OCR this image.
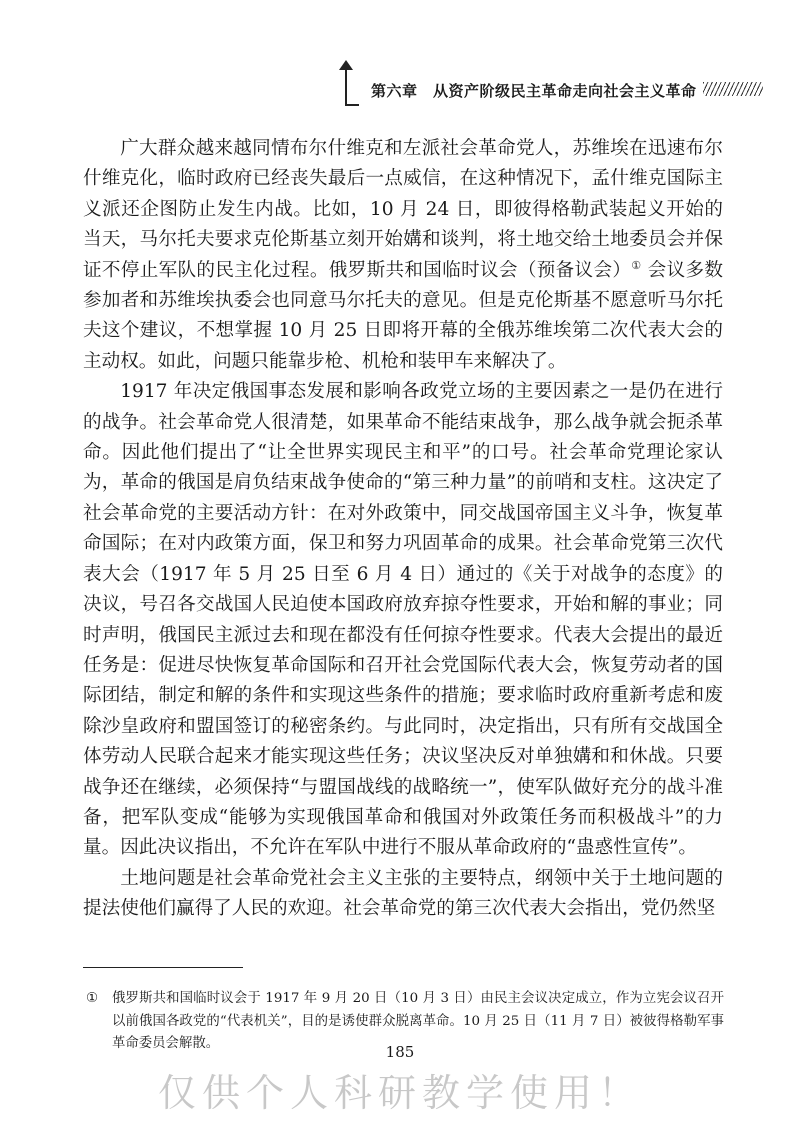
第六章　从资产阶级民主革命走向社会主义革命

广大群众越来越同情布尔什维克和左派社会革命党人，苏维埃在迅速布尔什维克化，临时政府已经丧失最后一点威信，在这种情况下，孟什维克国际主义派还企图防止发生内战。比如，10 月 24 日，即彼得格勒武装起义开始的当天，马尔托夫要求克伦斯基立刻开始媾和谈判，将土地交给土地委员会并保证不停止军队的民主化过程。俄罗斯共和国临时议会（预备议会）① 会议多数参加者和苏维埃执委会也同意马尔托夫的意见。但是克伦斯基不愿意听马尔托夫这个建议，不想掌握 10 月 25 日即将开幕的全俄苏维埃第二次代表大会的主动权。如此，问题只能靠步枪、机枪和装甲车来解决了。

1917 年决定俄国事态发展和影响各政党立场的主要因素之一是仍在进行的战争。社会革命党人很清楚，如果革命不能结束战争，那么战争就会扼杀革命。因此他们提出了“让全世界实现民主和平”的口号。社会革命党理论家认为，革命的俄国是肩负结束战争使命的“第三种力量”的前哨和支柱。这决定了社会革命党的主要活动方针：在对外政策中，同交战国帝国主义斗争，恢复革命国际；在对内政策方面，保卫和努力巩固革命的成果。社会革命党第三次代表大会（1917 年 5 月 25 日至 6 月 4 日）通过的《关于对战争的态度》的决议，号召各交战国人民迫使本国政府放弃掠夺性要求，开始和解的事业；同时声明，俄国民主派过去和现在都没有任何掠夺性要求。代表大会提出的最近任务是：促进尽快恢复革命国际和召开社会党国际代表大会，恢复劳动者的国际团结，制定和解的条件和实现这些条件的措施；要求临时政府重新考虑和废除沙皇政府和盟国签订的秘密条约。与此同时，决定指出，只有所有交战国全体劳动人民联合起来才能实现这些任务；决议坚决反对单独媾和和休战。只要战争还在继续，必须保持“与盟国战线的战略统一”，使军队做好充分的战斗准备，把军队变成“能够为实现俄国革命和俄国对外政策任务而积极战斗”的力量。因此决议指出，不允许在军队中进行不服从革命政府的“蛊惑性宣传”。

土地问题是社会革命党社会主义主张的主要特点，纲领中关于土地问题的提法使他们赢得了人民的欢迎。社会革命党的第三次代表大会指出，党仍然坚

① 俄罗斯共和国临时议会于 1917 年 9 月 20 日（10 月 3 日）由民主会议决定成立，作为立宪会议召开以前俄国各政党的“代表机关”，目的是诱使群众脱离革命。10 月 25 日（11 月 7 日）被彼得格勒军事革命委员会解散。	185
仅供个人科研教学使用！
